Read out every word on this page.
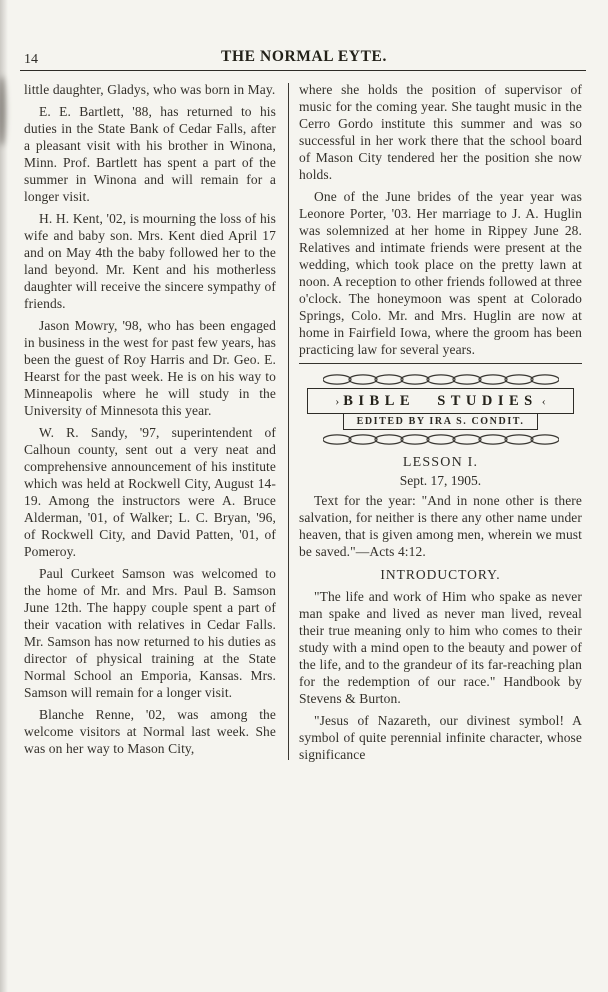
14	THE NORMAL EYTE.

little daughter, Gladys, who was born in May.

E. E. Bartlett, '88, has returned to his duties in the State Bank of Cedar Falls, after a pleasant visit with his brother in Winona, Minn. Prof. Bartlett has spent a part of the summer in Winona and will remain for a longer visit.

H. H. Kent, '02, is mourning the loss of his wife and baby son. Mrs. Kent died April 17 and on May 4th the baby followed her to the land beyond. Mr. Kent and his motherless daughter will receive the sincere sympathy of friends.

Jason Mowry, '98, who has been engaged in business in the west for past few years, has been the guest of Roy Harris and Dr. Geo. E. Hearst for the past week. He is on his way to Minneapolis where he will study in the University of Minnesota this year.

W. R. Sandy, '97, superintendent of Calhoun county, sent out a very neat and comprehensive announcement of his institute which was held at Rockwell City, August 14-19. Among the instructors were A. Bruce Alderman, '01, of Walker; L. C. Bryan, '96, of Rockwell City, and David Patten, '01, of Pomeroy.

Paul Curkeet Samson was welcomed to the home of Mr. and Mrs. Paul B. Samson June 12th. The happy couple spent a part of their vacation with relatives in Cedar Falls. Mr. Samson has now returned to his duties as director of physical training at the State Normal School an Emporia, Kansas. Mrs. Samson will remain for a longer visit.

Blanche Renne, '02, was among the welcome visitors at Normal last week. She was on her way to Mason City,

where she holds the position of supervisor of music for the coming year. She taught music in the Cerro Gordo institute this summer and was so successful in her work there that the school board of Mason City tendered her the position she now holds.

One of the June brides of the year year was Leonore Porter, '03. Her marriage to J. A. Huglin was solemnized at her home in Rippey June 28. Relatives and intimate friends were present at the wedding, which took place on the pretty lawn at noon. A reception to other friends followed at three o'clock. The honeymoon was spent at Colorado Springs, Colo. Mr. and Mrs. Huglin are now at home in Fairfield Iowa, where the groom has been practicing law for several years.

› BIBLE STUDIES ‹
EDITED BY IRA S. CONDIT.
LESSON I.
Sept. 17, 1905.

Text for the year: "And in none other is there salvation, for neither is there any other name under heaven, that is given among men, wherein we must be saved."—Acts 4:12.

INTRODUCTORY.

"The life and work of Him who spake as never man spake and lived as never man lived, reveal their true meaning only to him who comes to their study with a mind open to the beauty and power of the life, and to the grandeur of its far-reaching plan for the redemption of our race." Handbook by Stevens & Burton.

"Jesus of Nazareth, our divinest symbol! A symbol of quite perennial infinite character, whose significance
